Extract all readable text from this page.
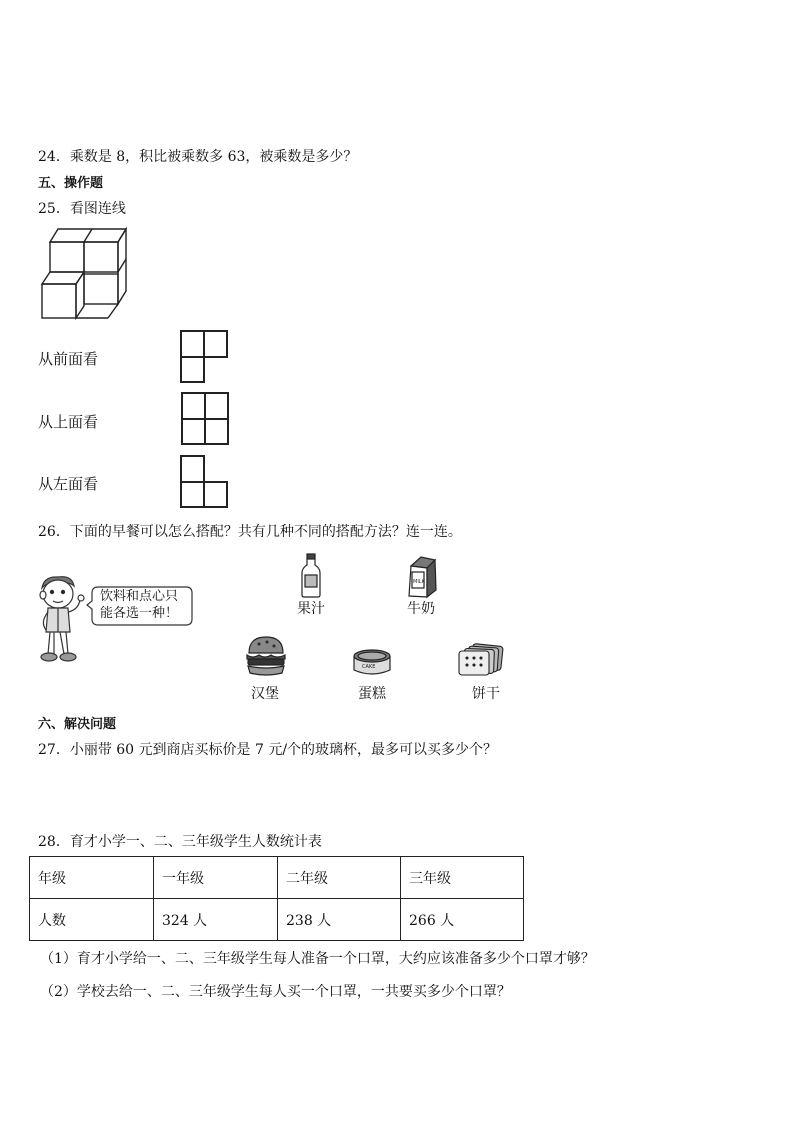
24．乘数是 8，积比被乘数多 63，被乘数是多少？
五、操作题
25．看图连线
从前面看
从上面看
从左面看
26．下面的早餐可以怎么搭配？共有几种不同的搭配方法？连一连。
饮料和点心只
能各选一种！	果汁
MILK
牛奶
汉堡
CAKE
蛋糕	饼干
六、解决问题
27．小丽带 60 元到商店买标价是 7 元/个的玻璃杯，最多可以买多少个？
28．育才小学一、二、三年级学生人数统计表
年级	一年级	二年级	三年级
人数	324 人	238 人	266 人
（1）育才小学给一、二、三年级学生每人准备一个口罩，大约应该准备多少个口罩才够？
（2）学校去给一、二、三年级学生每人买一个口罩，一共要买多少个口罩？
